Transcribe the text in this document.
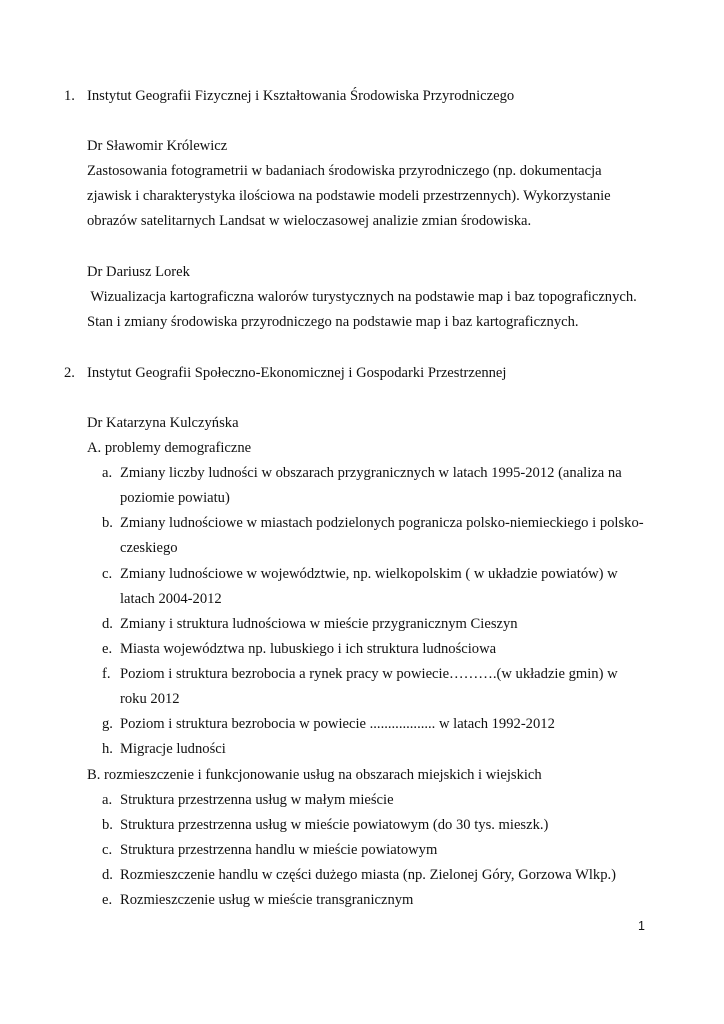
1. Instytut Geografii Fizycznej i Kształtowania Środowiska Przyrodniczego
Dr Sławomir Królewicz
Zastosowania fotogrametrii w badaniach środowiska przyrodniczego (np. dokumentacja
zjawisk i charakterystyka ilościowa na podstawie modeli przestrzennych). Wykorzystanie
obrazów satelitarnych Landsat w wieloczasowej analizie zmian środowiska.
Dr Dariusz Lorek
Wizualizacja kartograficzna walorów turystycznych na podstawie map i baz topograficznych.
Stan i zmiany środowiska przyrodniczego na podstawie map i baz kartograficznych.
2. Instytut Geografii Społeczno-Ekonomicznej i Gospodarki Przestrzennej
Dr Katarzyna Kulczyńska
A. problemy demograficzne
a. Zmiany liczby ludności w obszarach przygranicznych w latach 1995-2012 (analiza na
poziomie powiatu)
b. Zmiany ludnościowe w miastach podzielonych pogranicza polsko-niemieckiego i polsko-
czeskiego
c. Zmiany ludnościowe w województwie, np. wielkopolskim ( w układzie powiatów) w
latach 2004-2012
d. Zmiany i struktura ludnościowa w mieście przygranicznym Cieszyn
e. Miasta województwa np. lubuskiego i ich struktura ludnościowa
f. Poziom i struktura bezrobocia a rynek pracy w powiecie……….(w układzie gmin) w
roku 2012
g. Poziom i struktura bezrobocia w powiecie .................. w latach 1992-2012
h. Migracje ludności
B. rozmieszczenie i funkcjonowanie usług na obszarach miejskich i wiejskich
a. Struktura przestrzenna usług w małym mieście
b. Struktura przestrzenna usług w mieście powiatowym (do 30 tys. mieszk.)
c. Struktura przestrzenna handlu w mieście powiatowym
d. Rozmieszczenie handlu w części dużego miasta (np. Zielonej Góry, Gorzowa Wlkp.)
e. Rozmieszczenie usług w mieście transgranicznym
1
